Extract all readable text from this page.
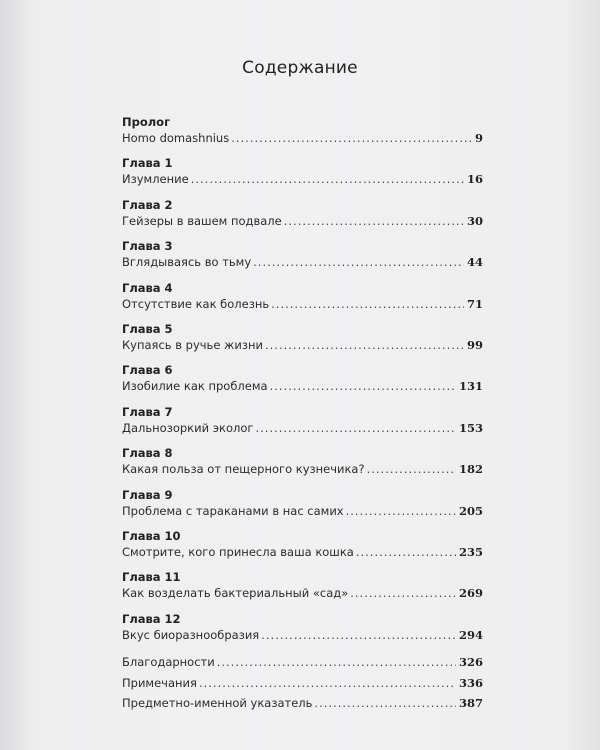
Содержание
Пролог
Homo domashnius .....	9
Глава 1
Изумление .....	16
Глава 2
Гейзеры в вашем подвале .....	30
Глава 3
Вглядываясь во тьму .....	44
Глава 4
Отсутствие как болезнь .....	71
Глава 5
Купаясь в ручье жизни .....	99
Глава 6
Изобилие как проблема .....	131
Глава 7
Дальнозоркий эколог .....	153
Глава 8
Какая польза от пещерного кузнечика? .....	182
Глава 9
Проблема с тараканами в нас самих .....	205
Глава 10
Смотрите, кого принесла ваша кошка .....	235
Глава 11
Как возделать бактериальный «сад» .....	269
Глава 12
Вкус биоразнообразия .....	294
Благодарности .....	326
Примечания .....	336
Предметно-именной указатель .....	387
